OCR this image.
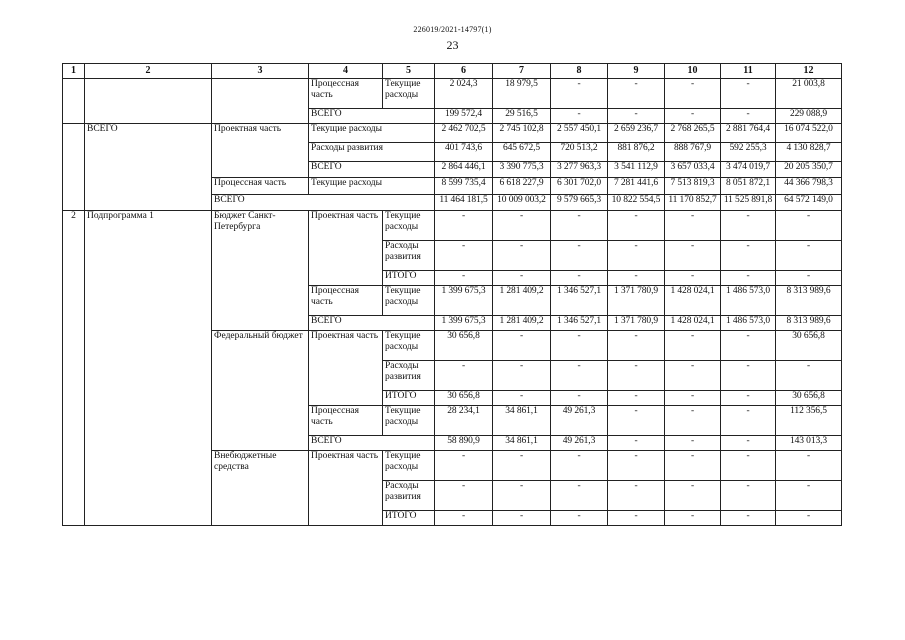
226019/2021-14797(1)
23
1	2	3	4	5	6	7	8	9	10	11	12
			Процессная часть	Текущие расходы	2 024,3	18 979,5	-	-	-	-	21 003,8
			ВСЕГО		199 572,4	29 516,5	-	-	-	-	229 088,9
	ВСЕГО	Проектная часть	Текущие расходы		2 462 702,5	2 745 102,8	2 557 450,1	2 659 236,7	2 768 265,5	2 881 764,4	16 074 522,0
			Расходы развития		401 743,6	645 672,5	720 513,2	881 876,2	888 767,9	592 255,3	4 130 828,7
			ВСЕГО		2 864 446,1	3 390 775,3	3 277 963,3	3 541 112,9	3 657 033,4	3 474 019,7	20 205 350,7
		Процессная часть	Текущие расходы		8 599 735,4	6 618 227,9	6 301 702,0	7 281 441,6	7 513 819,3	8 051 872,1	44 366 798,3
		ВСЕГО			11 464 181,5	10 009 003,2	9 579 665,3	10 822 554,5	11 170 852,7	11 525 891,8	64 572 149,0
2	Подпрограмма 1	Бюджет Санкт-Петербурга	Проектная часть	Текущие расходы	-	-	-	-	-	-	-
				Расходы развития	-	-	-	-	-	-	-
				ИТОГО	-	-	-	-	-	-	-
			Процессная часть	Текущие расходы	1 399 675,3	1 281 409,2	1 346 527,1	1 371 780,9	1 428 024,1	1 486 573,0	8 313 989,6
			ВСЕГО		1 399 675,3	1 281 409,2	1 346 527,1	1 371 780,9	1 428 024,1	1 486 573,0	8 313 989,6
		Федеральный бюджет	Проектная часть	Текущие расходы	30 656,8	-	-	-	-	-	30 656,8
				Расходы развития	-	-	-	-	-	-	-
				ИТОГО	30 656,8	-	-	-	-	-	30 656,8
			Процессная часть	Текущие расходы	28 234,1	34 861,1	49 261,3	-	-	-	112 356,5
			ВСЕГО		58 890,9	34 861,1	49 261,3	-	-	-	143 013,3
		Внебюджетные средства	Проектная часть	Текущие расходы	-	-	-	-	-	-	-
				Расходы развития	-	-	-	-	-	-	-
				ИТОГО	-	-	-	-	-	-	-
